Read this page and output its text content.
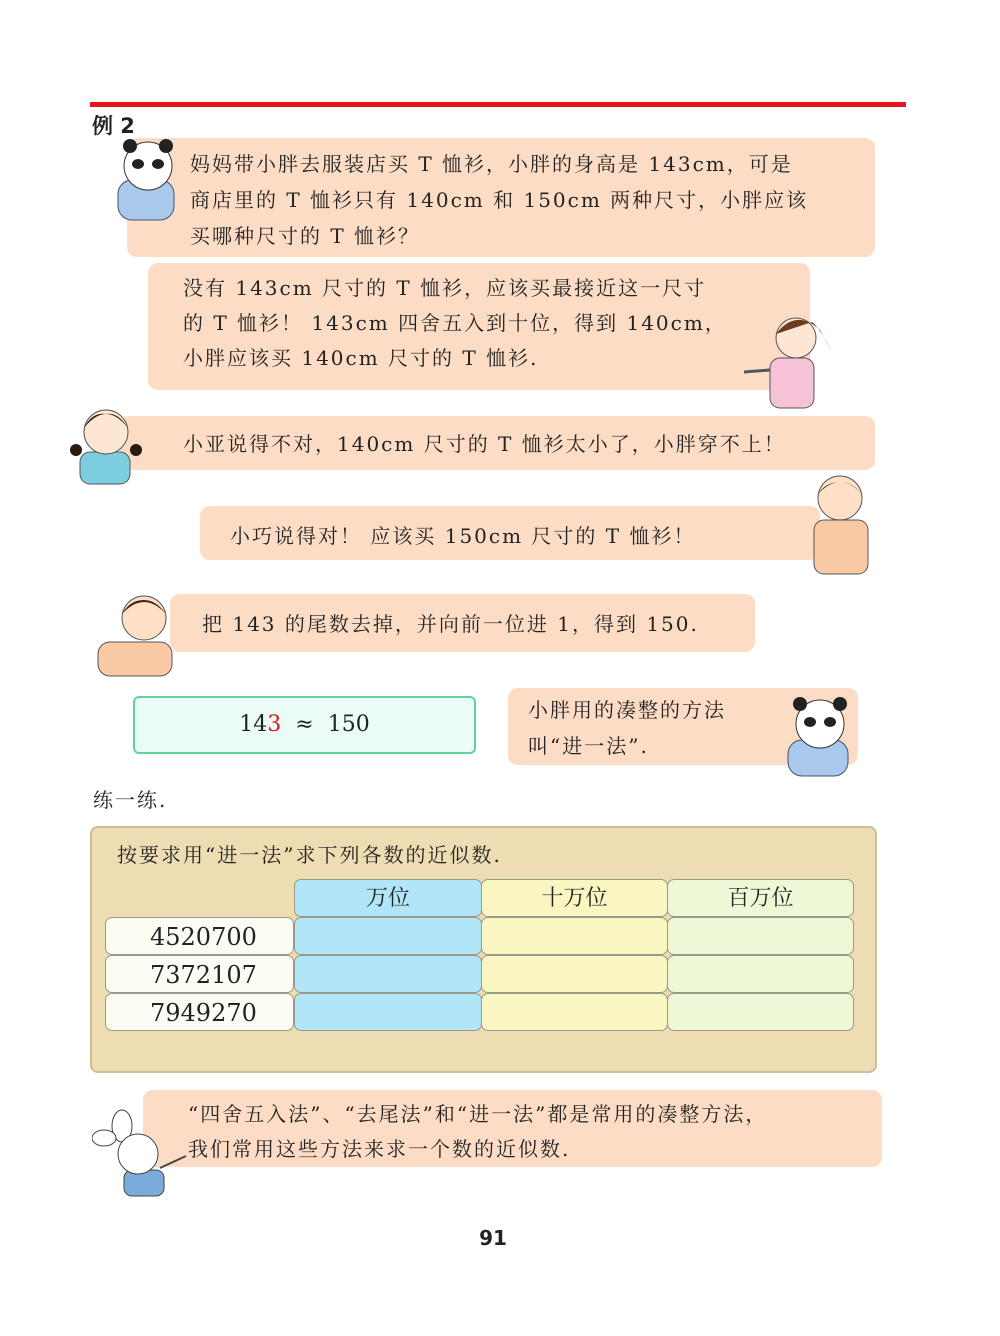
例 2
妈妈带小胖去服装店买 T 恤衫，小胖的身高是 143cm，可是
商店里的 T 恤衫只有 140cm 和 150cm 两种尺寸，小胖应该
买哪种尺寸的 T 恤衫？
没有 143cm 尺寸的 T 恤衫，应该买最接近这一尺寸
的 T 恤衫！ 143cm 四舍五入到十位，得到 140cm，
小胖应该买 140cm 尺寸的 T 恤衫.
小亚说得不对，140cm 尺寸的 T 恤衫太小了，小胖穿不上！
小巧说得对！ 应该买 150cm 尺寸的 T 恤衫！
把 143 的尾数去掉，并向前一位进 1，得到 150.
143 ≈ 150
小胖用的凑整的方法
叫“进一法”.
练一练.
按要求用“进一法”求下列各数的近似数.
万位	十万位	百万位
4520700
7372107
7949270
“四舍五入法”、“去尾法”和“进一法”都是常用的凑整方法，
我们常用这些方法来求一个数的近似数.
91
